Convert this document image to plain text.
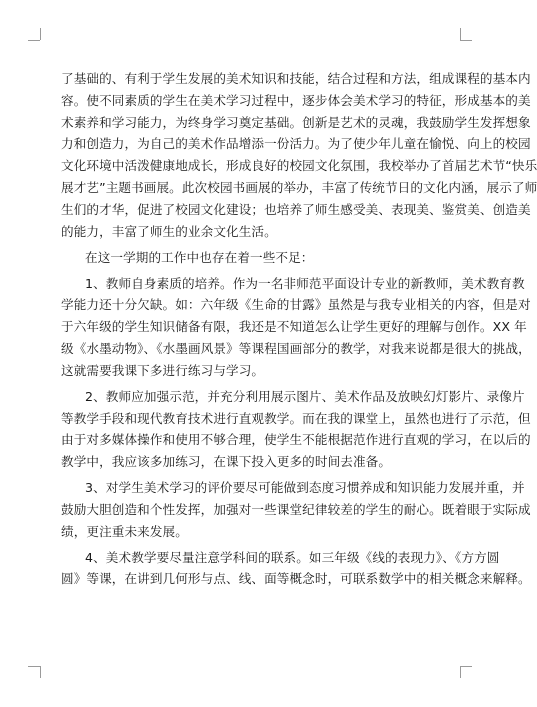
了基础的、有利于学生发展的美术知识和技能，结合过程和方法，组成课程的基本内
容。使不同素质的学生在美术学习过程中，逐步体会美术学习的特征，形成基本的美
术素养和学习能力，为终身学习奠定基础。创新是艺术的灵魂，我鼓励学生发挥想象
力和创造力，为自己的美术作品增添一份活力。为了使少年儿童在愉悦、向上的校园
文化环境中活泼健康地成长，形成良好的校园文化氛围，我校举办了首届艺术节“快乐
展才艺”主题书画展。此次校园书画展的举办，丰富了传统节日的文化内涵，展示了师
生们的才华，促进了校园文化建设；也培养了师生感受美、表现美、鉴赏美、创造美
的能力，丰富了师生的业余文化生活。
在这一学期的工作中也存在着一些不足：
1、教师自身素质的培养。作为一名非师范平面设计专业的新教师，美术教育教
学能力还十分欠缺。如：六年级《生命的甘露》虽然是与我专业相关的内容，但是对
于六年级的学生知识储备有限，我还是不知道怎么让学生更好的理解与创作。XX 年
级《水墨动物》、《水墨画风景》等课程国画部分的教学，对我来说都是很大的挑战，
这就需要我课下多进行练习与学习。
2、教师应加强示范，并充分利用展示图片、美术作品及放映幻灯影片、录像片
等教学手段和现代教育技术进行直观教学。而在我的课堂上，虽然也进行了示范，但
由于对多媒体操作和使用不够合理，使学生不能根据范作进行直观的学习，在以后的
教学中，我应该多加练习，在课下投入更多的时间去准备。
3、对学生美术学习的评价要尽可能做到态度习惯养成和知识能力发展并重，并
鼓励大胆创造和个性发挥，加强对一些课堂纪律较差的学生的耐心。既着眼于实际成
绩，更注重未来发展。
4、美术教学要尽量注意学科间的联系。如三年级《线的表现力》、《方方圆
圆》等课，在讲到几何形与点、线、面等概念时，可联系数学中的相关概念来解释。
